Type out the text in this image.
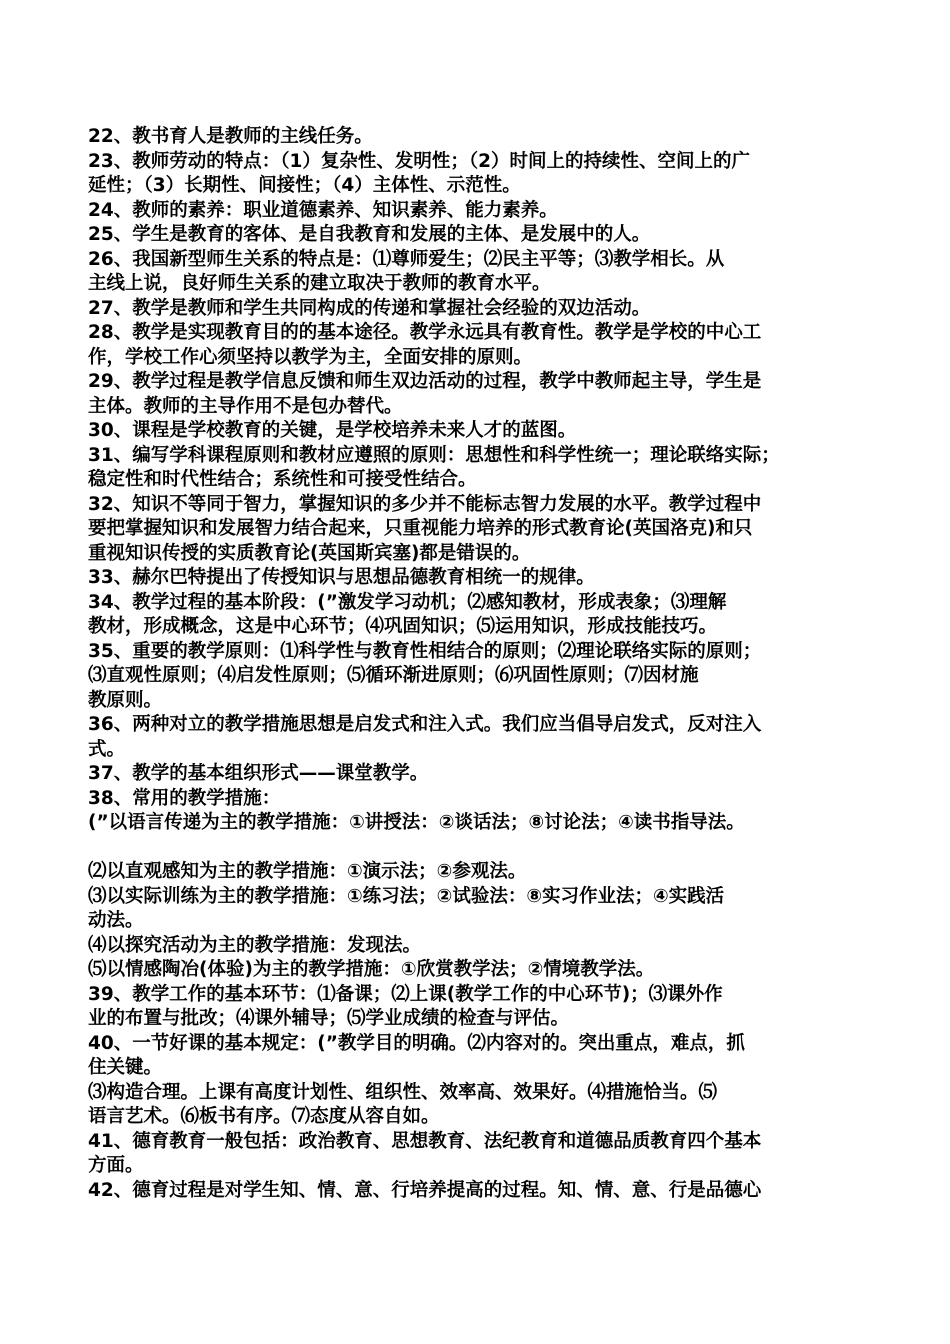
22、教书育人是教师的主线任务。
23、教师劳动的特点：（1）复杂性、发明性；（2）时间上的持续性、空间上的广
延性；（3）长期性、间接性；（4）主体性、示范性。
24、教师的素养：职业道德素养、知识素养、能力素养。
25、学生是教育的客体、是自我教育和发展的主体、是发展中的人。
26、我国新型师生关系的特点是：⑴尊师爱生；⑵民主平等；⑶教学相长。从
主线上说，良好师生关系的建立取决于教师的教育水平。
27、教学是教师和学生共同构成的传递和掌握社会经验的双边活动。
28、教学是实现教育目的的基本途径。教学永远具有教育性。教学是学校的中心工
作，学校工作心须坚持以教学为主，全面安排的原则。
29、教学过程是教学信息反馈和师生双边活动的过程，教学中教师起主导，学生是
主体。教师的主导作用不是包办替代。
30、课程是学校教育的关键，是学校培养未来人才的蓝图。
31、编写学科课程原则和教材应遵照的原则：思想性和科学性统一；理论联络实际；
稳定性和时代性结合；系统性和可接受性结合。
32、知识不等同于智力，掌握知识的多少并不能标志智力发展的水平。教学过程中
要把掌握知识和发展智力结合起来，只重视能力培养的形式教育论(英国洛克)和只
重视知识传授的实质教育论(英国斯宾塞)都是错误的。
33、赫尔巴特提出了传授知识与思想品德教育相统一的规律。
34、教学过程的基本阶段：(”激发学习动机；⑵感知教材，形成表象；⑶理解
教材，形成概念，这是中心环节；⑷巩固知识；⑸运用知识，形成技能技巧。
35、重要的教学原则：⑴科学性与教育性相结合的原则；⑵理论联络实际的原则；
⑶直观性原则；⑷启发性原则；⑸循环渐进原则；⑹巩固性原则；⑺因材施
教原则。
36、两种对立的教学措施思想是启发式和注入式。我们应当倡导启发式，反对注入
式。
37、教学的基本组织形式——课堂教学。
38、常用的教学措施：
(”以语言传递为主的教学措施：①讲授法：②谈话法；⑧讨论法；④读书指导法。
⑵以直观感知为主的教学措施：①演示法；②参观法。
⑶以实际训练为主的教学措施：①练习法；②试验法：⑧实习作业法；④实践活
动法。
⑷以探究活动为主的教学措施：发现法。
⑸以情感陶冶(体验)为主的教学措施：①欣赏教学法；②情境教学法。
39、教学工作的基本环节：⑴备课；⑵上课(教学工作的中心环节)；⑶课外作
业的布置与批改；⑷课外辅导；⑸学业成绩的检查与评估。
40、一节好课的基本规定：(”教学目的明确。⑵内容对的。突出重点，难点，抓
住关键。
⑶构造合理。上课有高度计划性、组织性、效率高、效果好。⑷措施恰当。⑸
语言艺术。⑹板书有序。⑺态度从容自如。
41、德育教育一般包括：政治教育、思想教育、法纪教育和道德品质教育四个基本
方面。
42、德育过程是对学生知、情、意、行培养提高的过程。知、情、意、行是品德心
